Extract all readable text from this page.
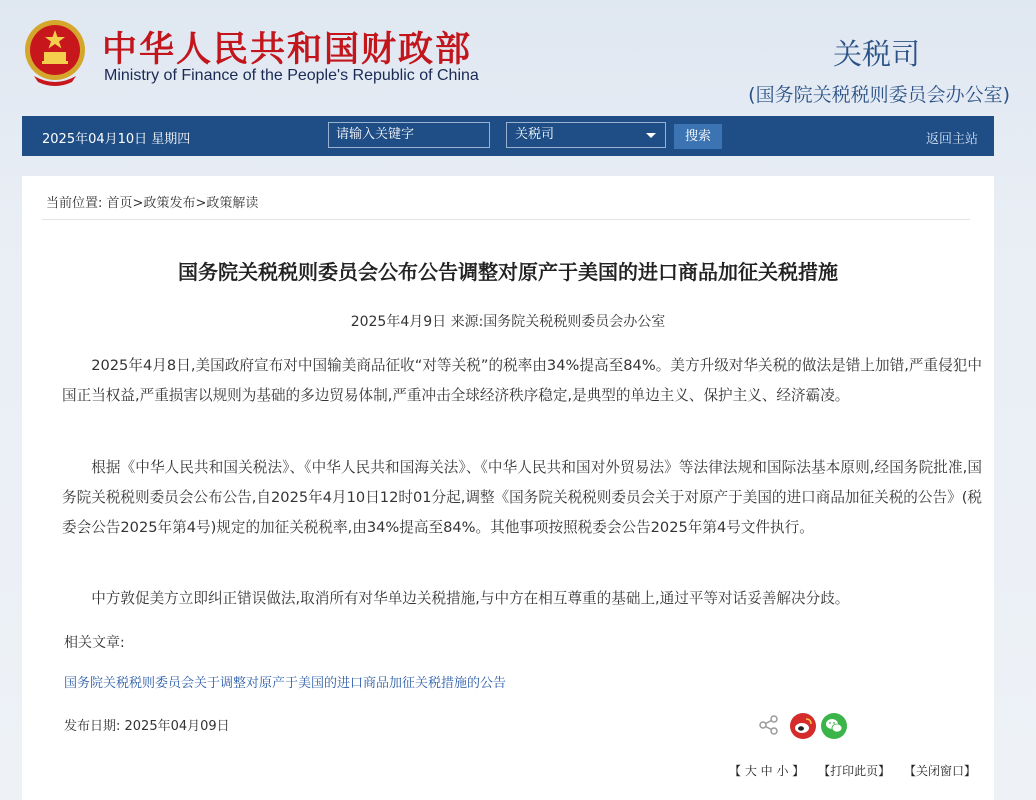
中华人民共和国财政部
Ministry of Finance of the People's Republic of China
关税司
(国务院关税税则委员会办公室)
2025年04月10日 星期四	请输入关键字	关税司	搜索	返回主站
当前位置: 首页>政策发布>政策解读
国务院关税税则委员会公布公告调整对原产于美国的进口商品加征关税措施
2025年4月9日 来源:国务院关税税则委员会办公室
2025年4月8日,美国政府宣布对中国输美商品征收“对等关税”的税率由34%提高至84%。美方升级对华关税的做法是错上加错,严重侵犯中国正当权益,严重损害以规则为基础的多边贸易体制,严重冲击全球经济秩序稳定,是典型的单边主义、保护主义、经济霸凌。
根据《中华人民共和国关税法》、《中华人民共和国海关法》、《中华人民共和国对外贸易法》等法律法规和国际法基本原则,经国务院批准,国务院关税税则委员会公布公告,自2025年4月10日12时01分起,调整《国务院关税税则委员会关于对原产于美国的进口商品加征关税的公告》(税委会公告2025年第4号)规定的加征关税税率,由34%提高至84%。其他事项按照税委会公告2025年第4号文件执行。
中方敦促美方立即纠正错误做法,取消所有对华单边关税措施,与中方在相互尊重的基础上,通过平等对话妥善解决分歧。
相关文章:
国务院关税税则委员会关于调整对原产于美国的进口商品加征关税措施的公告
发布日期: 2025年04月09日
【 大 中 小 】 【打印此页】 【关闭窗口】
